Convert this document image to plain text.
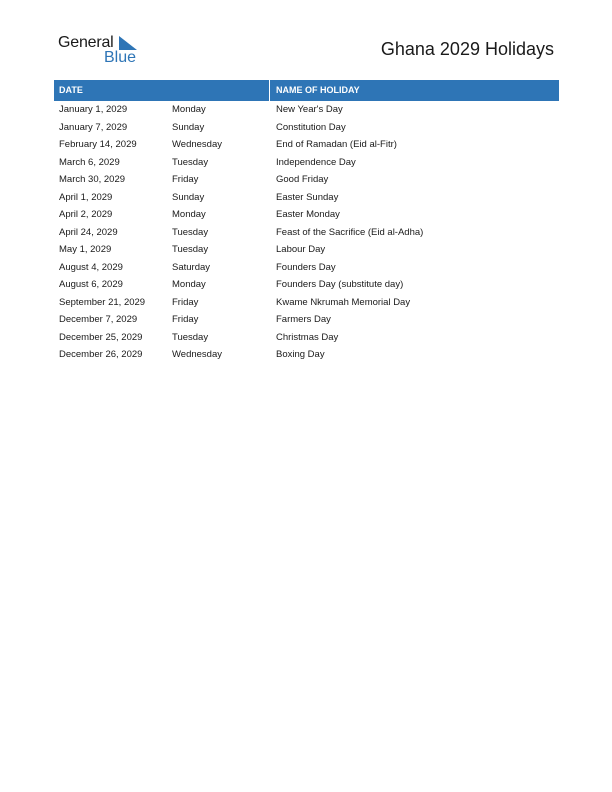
General
Blue	Ghana 2029 Holidays
DATE	NAME OF HOLIDAY
January 1, 2029	Monday	New Year's Day
January 7, 2029	Sunday	Constitution Day
February 14, 2029	Wednesday	End of Ramadan (Eid al-Fitr)
March 6, 2029	Tuesday	Independence Day
March 30, 2029	Friday	Good Friday
April 1, 2029	Sunday	Easter Sunday
April 2, 2029	Monday	Easter Monday
April 24, 2029	Tuesday	Feast of the Sacrifice (Eid al-Adha)
May 1, 2029	Tuesday	Labour Day
August 4, 2029	Saturday	Founders Day
August 6, 2029	Monday	Founders Day (substitute day)
September 21, 2029	Friday	Kwame Nkrumah Memorial Day
December 7, 2029	Friday	Farmers Day
December 25, 2029	Tuesday	Christmas Day
December 26, 2029	Wednesday	Boxing Day
